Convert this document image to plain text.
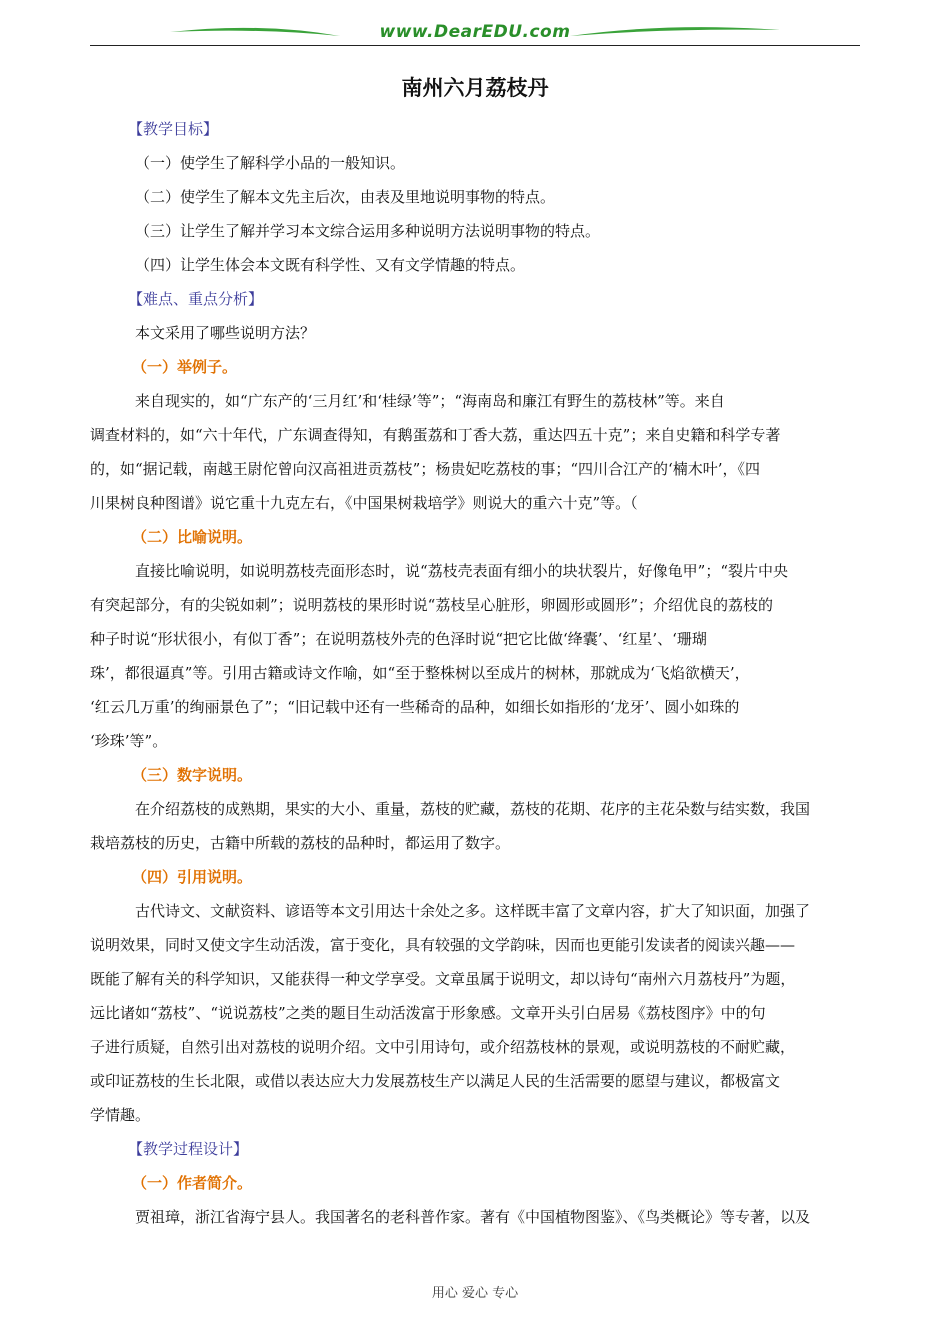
www.DearEDU.com
南州六月荔枝丹
【教学目标】
（一）使学生了解科学小品的一般知识。
（二）使学生了解本文先主后次，由表及里地说明事物的特点。
（三）让学生了解并学习本文综合运用多种说明方法说明事物的特点。
（四）让学生体会本文既有科学性、又有文学情趣的特点。
【难点、重点分析】
本文采用了哪些说明方法？
（一）举例子。
来自现实的，如“广东产的‘三月红’和‘桂绿’等”；“海南岛和廉江有野生的荔枝林”等。来自
调查材料的，如“六十年代，广东调查得知，有鹅蛋荔和丁香大荔，重达四五十克”；来自史籍和科学专著
的，如“据记载，南越王尉佗曾向汉高祖进贡荔枝”；杨贵妃吃荔枝的事；“四川合江产的‘楠木叶’，《四
川果树良种图谱》说它重十九克左右，《中国果树栽培学》则说大的重六十克”等。（
（二）比喻说明。
直接比喻说明，如说明荔枝壳面形态时，说“荔枝壳表面有细小的块状裂片，好像龟甲”；“裂片中央
有突起部分，有的尖锐如刺”；说明荔枝的果形时说“荔枝呈心脏形，卵圆形或圆形”；介绍优良的荔枝的
种子时说“形状很小，有似丁香”；在说明荔枝外壳的色泽时说“把它比做‘绛囊’、‘红星’、‘珊瑚
珠’，都很逼真”等。引用古籍或诗文作喻，如“至于整株树以至成片的树林，那就成为‘飞焰欲横天’，
‘红云几万重’的绚丽景色了”；“旧记载中还有一些稀奇的品种，如细长如指形的‘龙牙’、圆小如珠的
‘珍珠’等”。
（三）数字说明。
在介绍荔枝的成熟期，果实的大小、重量，荔枝的贮藏，荔枝的花期、花序的主花朵数与结实数，我国
栽培荔枝的历史，古籍中所载的荔枝的品种时，都运用了数字。
（四）引用说明。
古代诗文、文献资料、谚语等本文引用达十余处之多。这样既丰富了文章内容，扩大了知识面，加强了
说明效果，同时又使文字生动活泼，富于变化，具有较强的文学韵味，因而也更能引发读者的阅读兴趣——
既能了解有关的科学知识，又能获得一种文学享受。文章虽属于说明文，却以诗句“南州六月荔枝丹”为题，
远比诸如“荔枝”、“说说荔枝”之类的题目生动活泼富于形象感。文章开头引白居易《荔枝图序》中的句
子进行质疑，自然引出对荔枝的说明介绍。文中引用诗句，或介绍荔枝林的景观，或说明荔枝的不耐贮藏，
或印证荔枝的生长北限，或借以表达应大力发展荔枝生产以满足人民的生活需要的愿望与建议，都极富文
学情趣。
【教学过程设计】
（一）作者简介。
贾祖璋，浙江省海宁县人。我国著名的老科普作家。著有《中国植物图鉴》、《鸟类概论》等专著，以及
用心 爱心 专心
